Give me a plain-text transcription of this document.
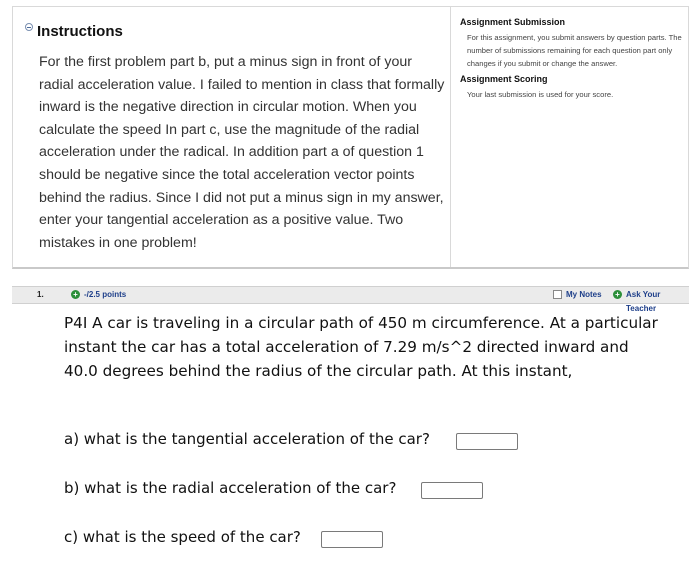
Instructions

For the first problem part b, put a minus sign in front of your radial acceleration value. I failed to mention in class that formally inward is the negative direction in circular motion. When you calculate the speed In part c, use the magnitude of the radial acceleration under the radical. In addition part a of question 1 should be negative since the total acceleration vector points behind the radius. Since I did not put a minus sign in my answer, enter your tangential acceleration as a positive value. Two mistakes in one problem!

Assignment Submission
For this assignment, you submit answers by question parts. The number of submissions remaining for each question part only changes if you submit or change the answer.
Assignment Scoring
Your last submission is used for your score.
1.	+ -/2.5 points	My Notes + Ask Your Teacher

P4I A car is traveling in a circular path of 450 m circumference. At a particular instant the car has a total acceleration of 7.29 m/s^2 directed inward and 40.0 degrees behind the radius of the circular path. At this instant,

a) what is the tangential acceleration of the car?
b) what is the radial acceleration of the car?
c) what is the speed of the car?
